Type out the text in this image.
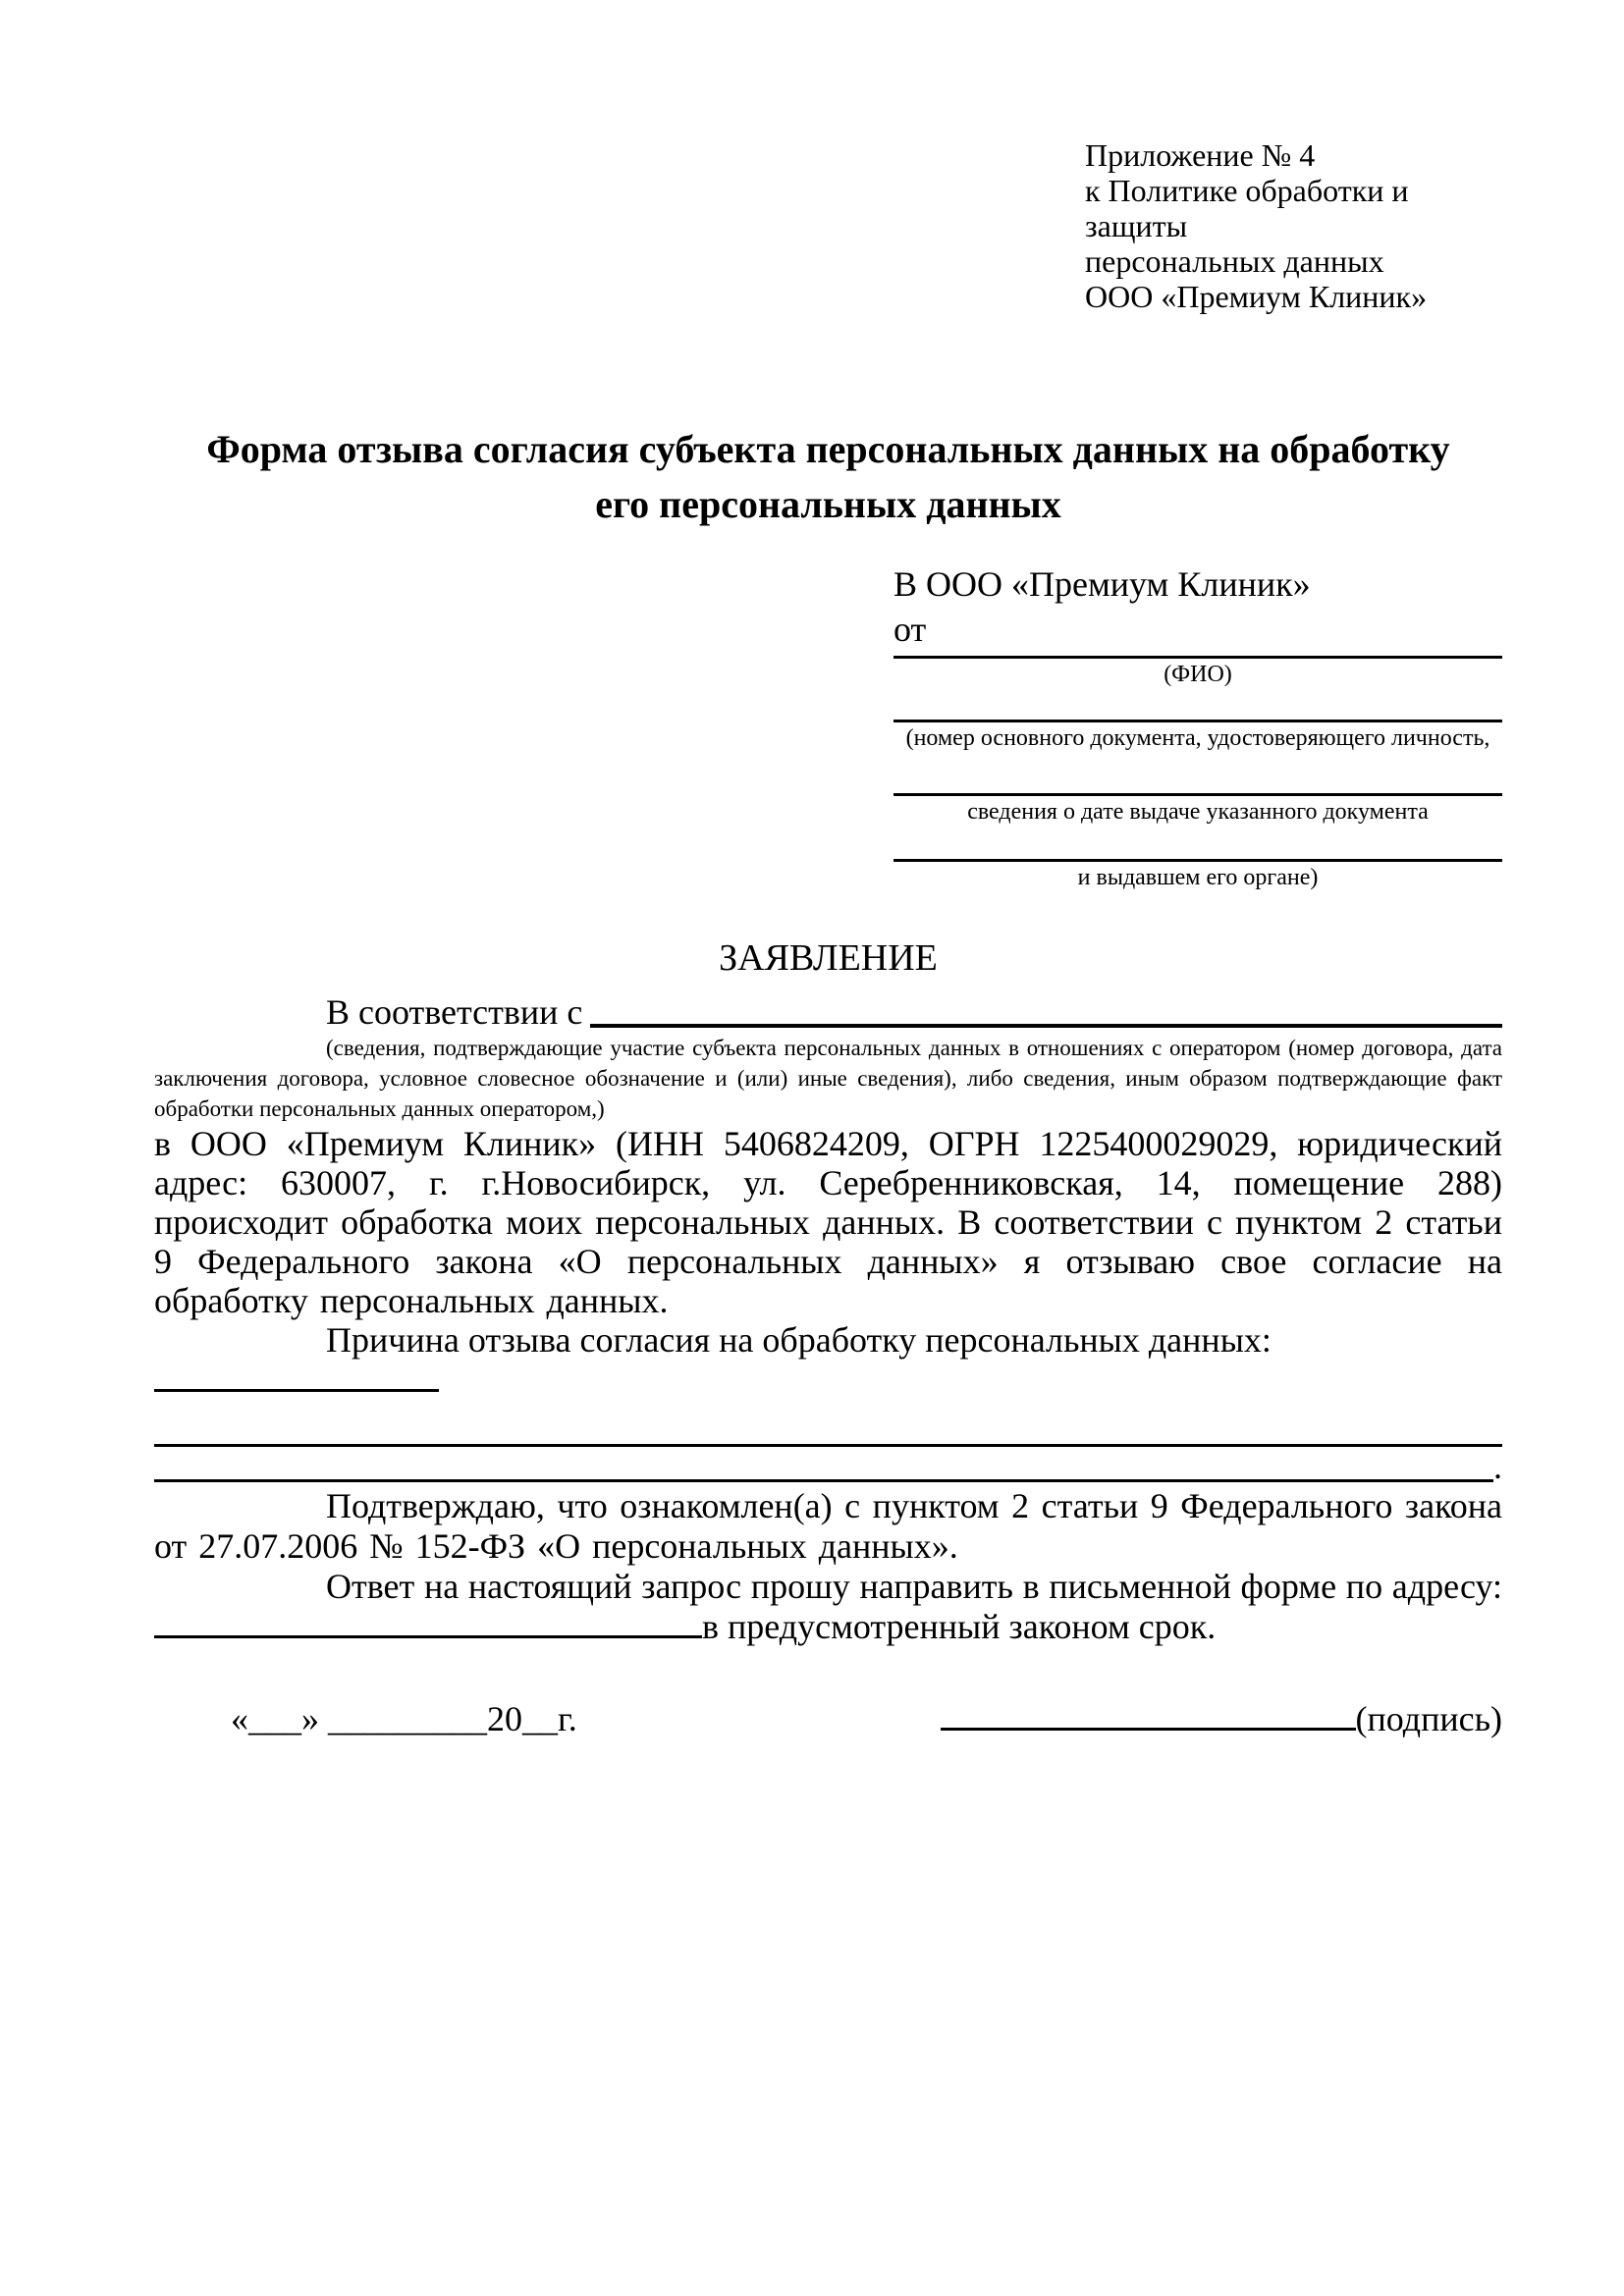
Приложение № 4
к Политике обработки и защиты
персональных данных
ООО «Премиум Клиник»
Форма отзыва согласия субъекта персональных данных на обработку
его персональных данных
В ООО «Премиум Клиник»
от
(ФИО)
(номер основного документа, удостоверяющего личность,
сведения о дате выдаче указанного документа
и выдавшем его органе)
ЗАЯВЛЕНИЕ
В соответствии с
(сведения, подтверждающие участие субъекта персональных данных в отношениях с оператором (номер договора, дата заключения договора, условное словесное обозначение и (или) иные сведения), либо сведения, иным образом подтверждающие факт обработки персональных данных оператором,)

в ООО «Премиум Клиник» (ИНН 5406824209, ОГРН 1225400029029, юридический адрес: 630007, г. г.Новосибирск, ул. Серебренниковская, 14, помещение 288) происходит обработка моих персональных данных. В соответствии с пунктом 2 статьи 9 Федерального закона «О персональных данных» я отзываю свое согласие на обработку персональных данных.

Причина отзыва согласия на обработку персональных данных:

.

Подтверждаю, что ознакомлен(а) с пунктом 2 статьи 9 Федерального закона от 27.07.2006 № 152-ФЗ «О персональных данных».

Ответ на настоящий запрос прошу направить в письменной форме по адресу:
в предусмотренный законом срок.
«___» _________20__г.	(подпись)
